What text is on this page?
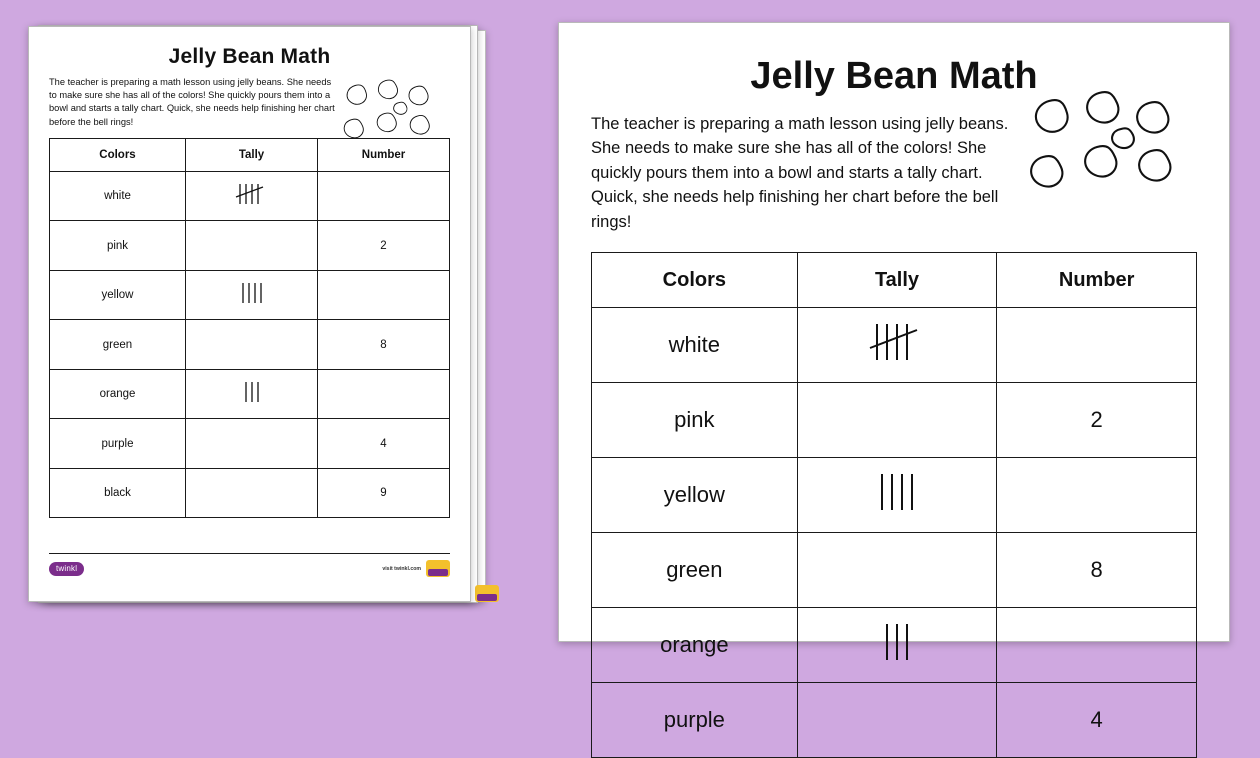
Jelly Bean Math
The teacher is preparing a math lesson using jelly beans. She needs to make sure she has all of the colors! She quickly pours them into a bowl and starts a tally chart. Quick, she needs help finishing her chart before the bell rings!
Colors	Tally	Number
white		
pink		2
yellow		
green		8
orange		
purple		4
black		9
twinkl	visit twinkl.com
Jelly Bean Math
The teacher is preparing a math lesson using jelly beans. She needs to make sure she has all of the colors! She quickly pours them into a bowl and starts a tally chart. Quick, she needs help finishing her chart before the bell rings!
Colors	Tally	Number
white		
pink		2
yellow		
green		8
orange		
purple		4
